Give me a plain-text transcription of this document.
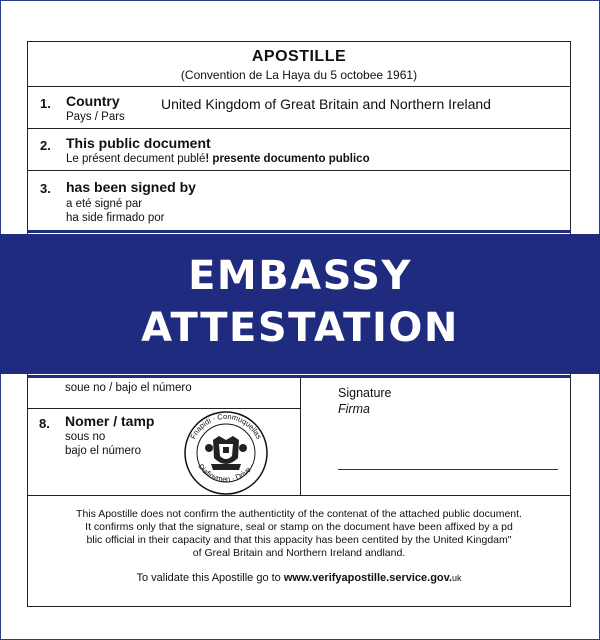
APOSTILLE
(Convention de La Haya du 5 octobee 1961)
1. Country
Pays / Pars
United Kingdom of Great Britain and Northern Ireland
2. This public document
Le présent decument publé! presente documento publico
3. has been signed by
a eté signé par
ha side firmado por
EMBASSY
ATTESTATION
soue no / bajo el número	Signature
Firma
8. Nomer / tamp
sous no
bajo el número
Fnapidi · Conmuqueilas
Diafiovmen · Drive ·
This Apostille does not confirm the authentictity of the contenat of the attached public document.
It confirms only that the signature, seal or stamp on the document have been affixed by a pd
blic official in their capacity and that this appacity has been centited by the United Kingdam"
of Greal Britain and Northern Ireland andland.
To validate this Apostille go to www.verifyapostille.service.gov.uk
